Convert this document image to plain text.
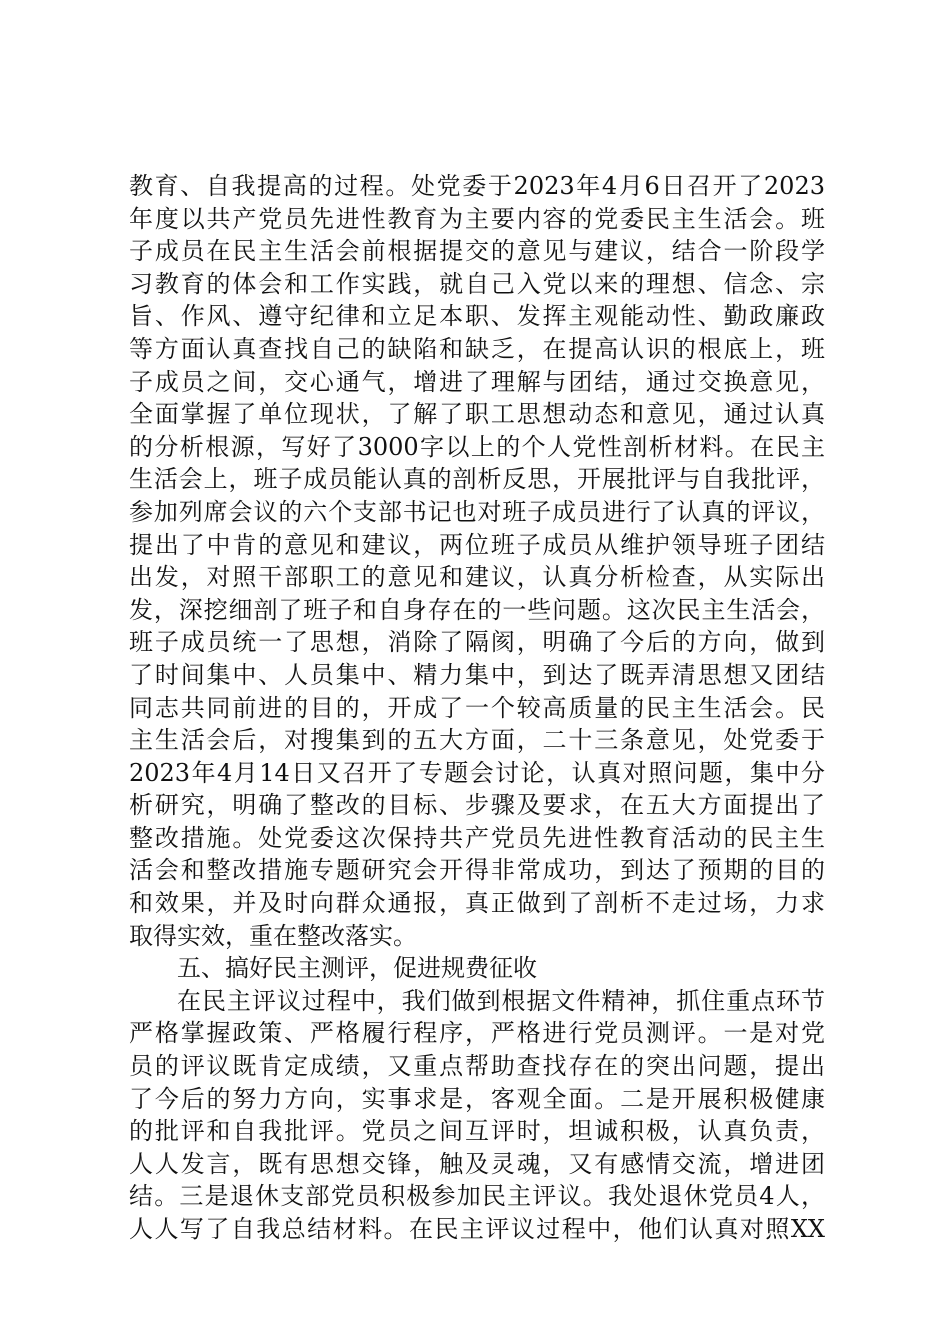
教育、自我提高的过程。处党委于2023年4月6日召开了2023
年度以共产党员先进性教育为主要内容的党委民主生活会。班
子成员在民主生活会前根据提交的意见与建议，结合一阶段学
习教育的体会和工作实践，就自己入党以来的理想、信念、宗
旨、作风、遵守纪律和立足本职、发挥主观能动性、勤政廉政
等方面认真查找自己的缺陷和缺乏，在提高认识的根底上，班
子成员之间，交心通气，增进了理解与团结，通过交换意见，
全面掌握了单位现状，了解了职工思想动态和意见，通过认真
的分析根源，写好了3000字以上的个人党性剖析材料。在民主
生活会上，班子成员能认真的剖析反思，开展批评与自我批评，
参加列席会议的六个支部书记也对班子成员进行了认真的评议，
提出了中肯的意见和建议，两位班子成员从维护领导班子团结
出发，对照干部职工的意见和建议，认真分析检查，从实际出
发，深挖细剖了班子和自身存在的一些问题。这次民主生活会，
班子成员统一了思想，消除了隔阂，明确了今后的方向，做到
了时间集中、人员集中、精力集中，到达了既弄清思想又团结
同志共同前进的目的，开成了一个较高质量的民主生活会。民
主生活会后，对搜集到的五大方面，二十三条意见，处党委于
2023年4月14日又召开了专题会讨论，认真对照问题，集中分
析研究，明确了整改的目标、步骤及要求，在五大方面提出了
整改措施。处党委这次保持共产党员先进性教育活动的民主生
活会和整改措施专题研究会开得非常成功，到达了预期的目的
和效果，并及时向群众通报，真正做到了剖析不走过场，力求
取得实效，重在整改落实。
五、搞好民主测评，促进规费征收
在民主评议过程中，我们做到根据文件精神，抓住重点环节
严格掌握政策、严格履行程序，严格进行党员测评。一是对党
员的评议既肯定成绩，又重点帮助查找存在的突出问题，提出
了今后的努力方向，实事求是，客观全面。二是开展积极健康
的批评和自我批评。党员之间互评时，坦诚积极，认真负责，
人人发言，既有思想交锋，触及灵魂，又有感情交流，增进团
结。三是退休支部党员积极参加民主评议。我处退休党员4人，
人人写了自我总结材料。在民主评议过程中，他们认真对照XX
